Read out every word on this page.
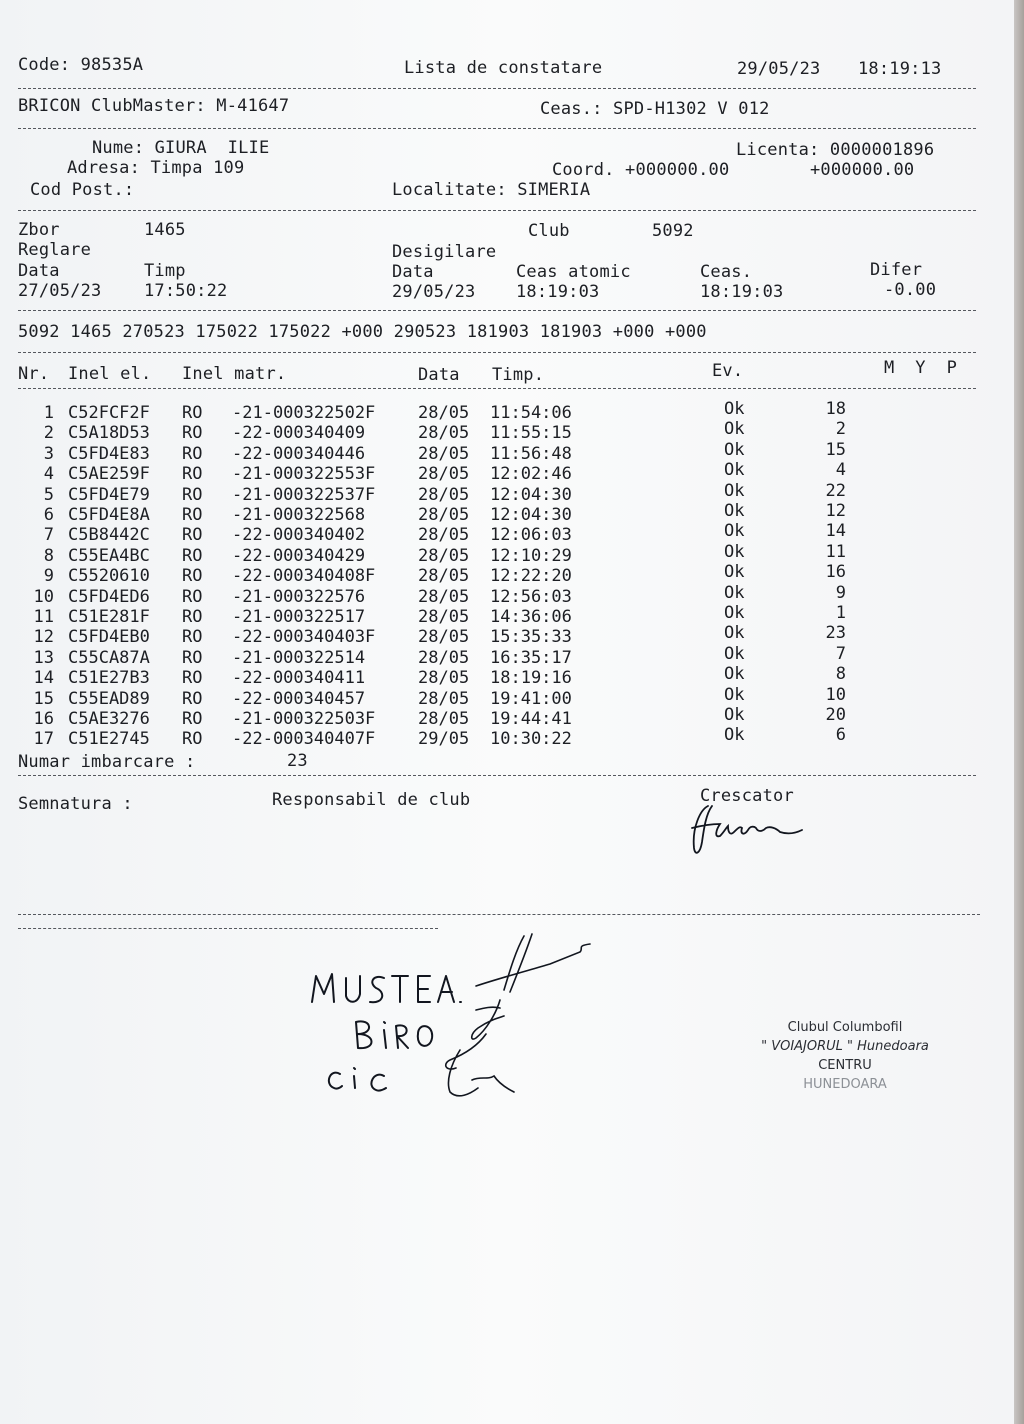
Code: 98535A	Lista de constatare	29/05/23 18:19:13
BRICON ClubMaster: M-41647	Ceas.: SPD-H1302 V 012
Nume: GIURA  ILIE	Licenta: 0000001896
Adresa: Timpa 109	Coord. +000000.00	+000000.00
Cod Post.:	Localitate: SIMERIA
Zbor	1465	Club	5092
Reglare	Desigilare
Data	Timp	Data	Ceas atomic	Ceas.	Difer
27/05/23	17:50:22	29/05/23 18:19:03	18:19:03	-0.00
5092 1465 270523 175022 175022 +000 290523 181903 181903 +000 +000
Nr. Inel el. Inel matr.	Data Timp.	Ev.	M  Y  P
1 C52FCF2F RO -21-000322502F	28/05 11:54:06	Ok	18
2 C5A18D53 RO -22-000340409	28/05 11:55:15	Ok	2
3 C5FD4E83 RO -22-000340446	28/05 11:56:48	Ok	15
4 C5AE259F RO -21-000322553F	28/05 12:02:46	Ok	4
5 C5FD4E79 RO -21-000322537F	28/05 12:04:30	Ok	22
6 C5FD4E8A RO -21-000322568	28/05 12:04:30	Ok	12
7 C5B8442C RO -22-000340402	28/05 12:06:03	Ok	14
8 C55EA4BC RO -22-000340429	28/05 12:10:29	Ok	11
9 C5520610 RO -22-000340408F	28/05 12:22:20	Ok	16
10 C5FD4ED6 RO -21-000322576	28/05 12:56:03	Ok	9
11 C51E281F RO -21-000322517	28/05 14:36:06	Ok	1
12 C5FD4EB0 RO -22-000340403F	28/05 15:35:33	Ok	23
13 C55CA87A RO -21-000322514	28/05 16:35:17	Ok	7
14 C51E27B3 RO -22-000340411	28/05 18:19:16	Ok	8
15 C55EAD89 RO -22-000340457	28/05 19:41:00	Ok	10
16 C5AE3276 RO -21-000322503F	28/05 19:44:41	Ok	20
17 C51E2745 RO -22-000340407F	29/05 10:30:22	Ok	6
Numar imbarcare :	23
Semnatura :	Responsabil de club	Crescator
Clubul Columbofil
" VOIAJORUL " Hunedoara
CENTRU
HUNEDOARA
